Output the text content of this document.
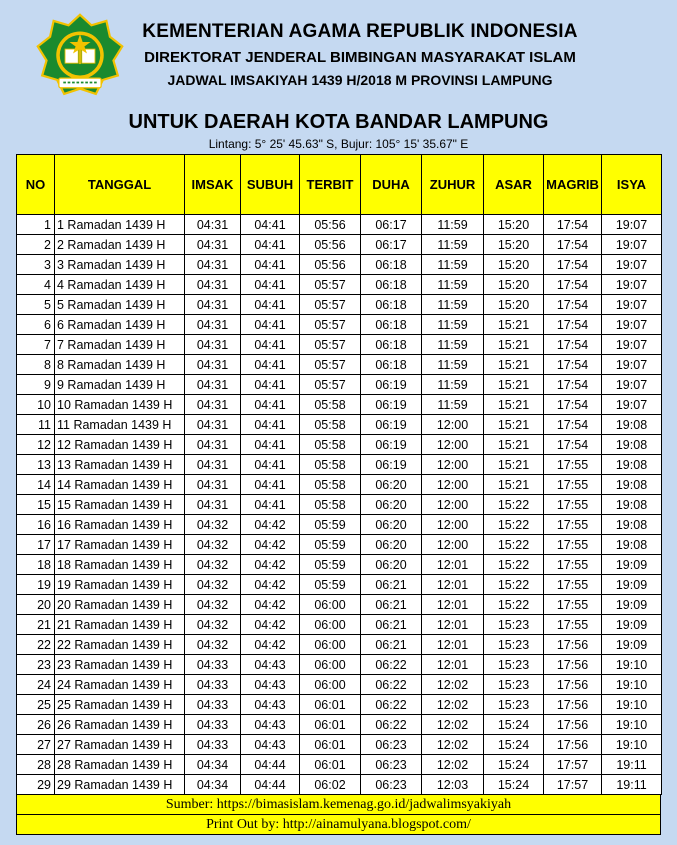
KEMENTERIAN AGAMA REPUBLIK INDONESIA
DIREKTORAT JENDERAL BIMBINGAN MASYARAKAT ISLAM
JADWAL IMSAKIYAH 1439 H/2018 M PROVINSI LAMPUNG
UNTUK DAERAH KOTA BANDAR LAMPUNG
Lintang: 5° 25' 45.63" S, Bujur: 105° 15' 35.67" E
NO	TANGGAL	IMSAK	SUBUH	TERBIT	DUHA	ZUHUR	ASAR	MAGRIB	ISYA
1	1 Ramadan 1439 H	04:31	04:41	05:56	06:17	11:59	15:20	17:54	19:07
2	2 Ramadan 1439 H	04:31	04:41	05:56	06:17	11:59	15:20	17:54	19:07
3	3 Ramadan 1439 H	04:31	04:41	05:56	06:18	11:59	15:20	17:54	19:07
4	4 Ramadan 1439 H	04:31	04:41	05:57	06:18	11:59	15:20	17:54	19:07
5	5 Ramadan 1439 H	04:31	04:41	05:57	06:18	11:59	15:20	17:54	19:07
6	6 Ramadan 1439 H	04:31	04:41	05:57	06:18	11:59	15:21	17:54	19:07
7	7 Ramadan 1439 H	04:31	04:41	05:57	06:18	11:59	15:21	17:54	19:07
8	8 Ramadan 1439 H	04:31	04:41	05:57	06:18	11:59	15:21	17:54	19:07
9	9 Ramadan 1439 H	04:31	04:41	05:57	06:19	11:59	15:21	17:54	19:07
10	10 Ramadan 1439 H	04:31	04:41	05:58	06:19	11:59	15:21	17:54	19:07
11	11 Ramadan 1439 H	04:31	04:41	05:58	06:19	12:00	15:21	17:54	19:08
12	12 Ramadan 1439 H	04:31	04:41	05:58	06:19	12:00	15:21	17:54	19:08
13	13 Ramadan 1439 H	04:31	04:41	05:58	06:19	12:00	15:21	17:55	19:08
14	14 Ramadan 1439 H	04:31	04:41	05:58	06:20	12:00	15:21	17:55	19:08
15	15 Ramadan 1439 H	04:31	04:41	05:58	06:20	12:00	15:22	17:55	19:08
16	16 Ramadan 1439 H	04:32	04:42	05:59	06:20	12:00	15:22	17:55	19:08
17	17 Ramadan 1439 H	04:32	04:42	05:59	06:20	12:00	15:22	17:55	19:08
18	18 Ramadan 1439 H	04:32	04:42	05:59	06:20	12:01	15:22	17:55	19:09
19	19 Ramadan 1439 H	04:32	04:42	05:59	06:21	12:01	15:22	17:55	19:09
20	20 Ramadan 1439 H	04:32	04:42	06:00	06:21	12:01	15:22	17:55	19:09
21	21 Ramadan 1439 H	04:32	04:42	06:00	06:21	12:01	15:23	17:55	19:09
22	22 Ramadan 1439 H	04:32	04:42	06:00	06:21	12:01	15:23	17:56	19:09
23	23 Ramadan 1439 H	04:33	04:43	06:00	06:22	12:01	15:23	17:56	19:10
24	24 Ramadan 1439 H	04:33	04:43	06:00	06:22	12:02	15:23	17:56	19:10
25	25 Ramadan 1439 H	04:33	04:43	06:01	06:22	12:02	15:23	17:56	19:10
26	26 Ramadan 1439 H	04:33	04:43	06:01	06:22	12:02	15:24	17:56	19:10
27	27 Ramadan 1439 H	04:33	04:43	06:01	06:23	12:02	15:24	17:56	19:10
28	28 Ramadan 1439 H	04:34	04:44	06:01	06:23	12:02	15:24	17:57	19:11
29	29 Ramadan 1439 H	04:34	04:44	06:02	06:23	12:03	15:24	17:57	19:11
Sumber: https://bimasislam.kemenag.go.id/jadwalimsyakiyah
Print Out by: http://ainamulyana.blogspot.com/
